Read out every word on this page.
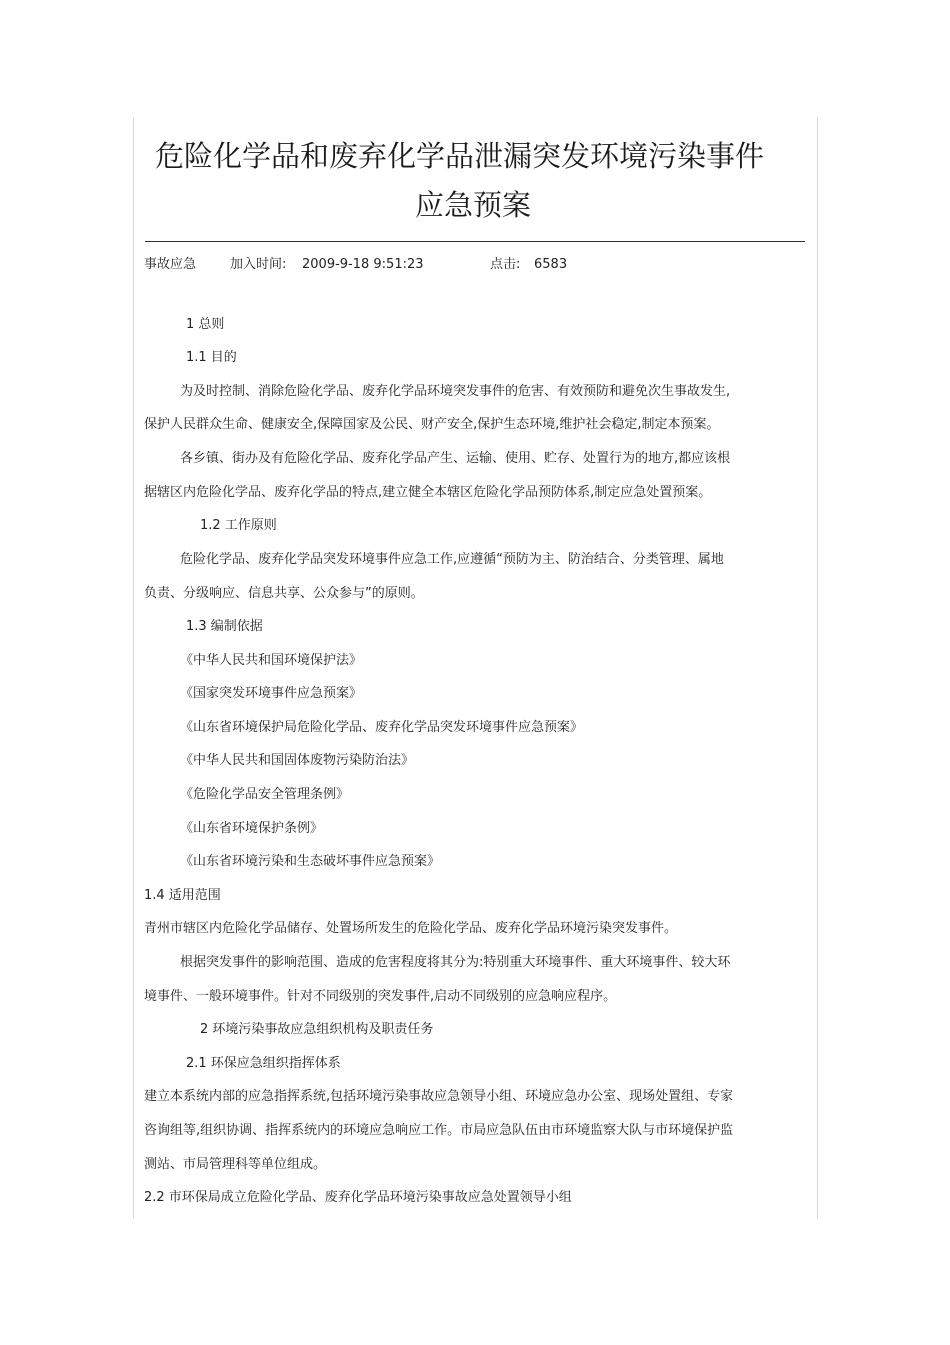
危险化学品和废弃化学品泄漏突发环境污染事件
应急预案
事故应急	加入时间: 2009-9-18 9:51:23	点击: 6583
1 总则
1.1 目的
为及时控制、消除危险化学品、废弃化学品环境突发事件的危害、有效预防和避免次生事故发生,
保护人民群众生命、健康安全,保障国家及公民、财产安全,保护生态环境,维护社会稳定,制定本预案。
各乡镇、街办及有危险化学品、废弃化学品产生、运输、使用、贮存、处置行为的地方,都应该根
据辖区内危险化学品、废弃化学品的特点,建立健全本辖区危险化学品预防体系,制定应急处置预案。
1.2 工作原则
危险化学品、废弃化学品突发环境事件应急工作,应遵循“预防为主、防治结合、分类管理、属地
负责、分级响应、信息共享、公众参与”的原则。
1.3 编制依据
《中华人民共和国环境保护法》
《国家突发环境事件应急预案》
《山东省环境保护局危险化学品、废弃化学品突发环境事件应急预案》
《中华人民共和国固体废物污染防治法》
《危险化学品安全管理条例》
《山东省环境保护条例》
《山东省环境污染和生态破坏事件应急预案》
1.4 适用范围
青州市辖区内危险化学品储存、处置场所发生的危险化学品、废弃化学品环境污染突发事件。
根据突发事件的影响范围、造成的危害程度将其分为:特别重大环境事件、重大环境事件、较大环
境事件、一般环境事件。针对不同级别的突发事件,启动不同级别的应急响应程序。
2 环境污染事故应急组织机构及职责任务
2.1 环保应急组织指挥体系
建立本系统内部的应急指挥系统,包括环境污染事故应急领导小组、环境应急办公室、现场处置组、专家
咨询组等,组织协调、指挥系统内的环境应急响应工作。市局应急队伍由市环境监察大队与市环境保护监
测站、市局管理科等单位组成。
2.2 市环保局成立危险化学品、废弃化学品环境污染事故应急处置领导小组
